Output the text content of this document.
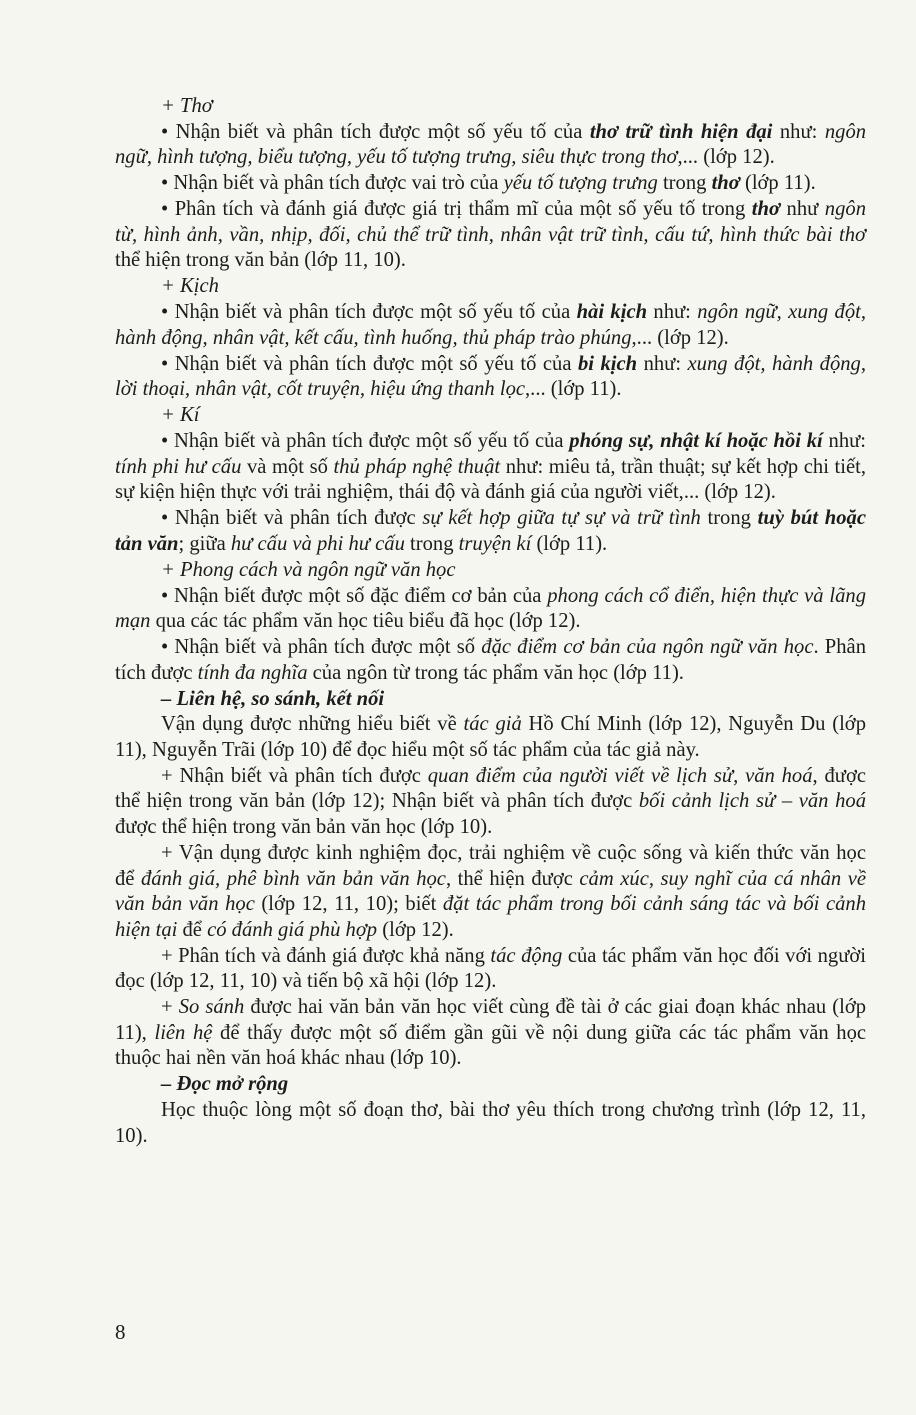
+ Thơ

• Nhận biết và phân tích được một số yếu tố của thơ trữ tình hiện đại như: ngôn ngữ, hình tượng, biểu tượng, yếu tố tượng trưng, siêu thực trong thơ,... (lớp 12).

• Nhận biết và phân tích được vai trò của yếu tố tượng trưng trong thơ (lớp 11).

• Phân tích và đánh giá được giá trị thẩm mĩ của một số yếu tố trong thơ như ngôn từ, hình ảnh, vần, nhịp, đối, chủ thể trữ tình, nhân vật trữ tình, cấu tứ, hình thức bài thơ thể hiện trong văn bản (lớp 11, 10).

+ Kịch

• Nhận biết và phân tích được một số yếu tố của hài kịch như: ngôn ngữ, xung đột, hành động, nhân vật, kết cấu, tình huống, thủ pháp trào phúng,... (lớp 12).

• Nhận biết và phân tích được một số yếu tố của bi kịch như: xung đột, hành động, lời thoại, nhân vật, cốt truyện, hiệu ứng thanh lọc,... (lớp 11).

+ Kí

• Nhận biết và phân tích được một số yếu tố của phóng sự, nhật kí hoặc hồi kí như: tính phi hư cấu và một số thủ pháp nghệ thuật như: miêu tả, trần thuật; sự kết hợp chi tiết, sự kiện hiện thực với trải nghiệm, thái độ và đánh giá của người viết,... (lớp 12).

• Nhận biết và phân tích được sự kết hợp giữa tự sự và trữ tình trong tuỳ bút hoặc tản văn; giữa hư cấu và phi hư cấu trong truyện kí (lớp 11).

+ Phong cách và ngôn ngữ văn học

• Nhận biết được một số đặc điểm cơ bản của phong cách cổ điển, hiện thực và lãng mạn qua các tác phẩm văn học tiêu biểu đã học (lớp 12).

• Nhận biết và phân tích được một số đặc điểm cơ bản của ngôn ngữ văn học. Phân tích được tính đa nghĩa của ngôn từ trong tác phẩm văn học (lớp 11).

– Liên hệ, so sánh, kết nối

Vận dụng được những hiểu biết về tác giả Hồ Chí Minh (lớp 12), Nguyễn Du (lớp 11), Nguyễn Trãi (lớp 10) để đọc hiểu một số tác phẩm của tác giả này.

+ Nhận biết và phân tích được quan điểm của người viết về lịch sử, văn hoá, được thể hiện trong văn bản (lớp 12); Nhận biết và phân tích được bối cảnh lịch sử – văn hoá được thể hiện trong văn bản văn học (lớp 10).

+ Vận dụng được kinh nghiệm đọc, trải nghiệm về cuộc sống và kiến thức văn học để đánh giá, phê bình văn bản văn học, thể hiện được cảm xúc, suy nghĩ của cá nhân về văn bản văn học (lớp 12, 11, 10); biết đặt tác phẩm trong bối cảnh sáng tác và bối cảnh hiện tại để có đánh giá phù hợp (lớp 12).

+ Phân tích và đánh giá được khả năng tác động của tác phẩm văn học đối với người đọc (lớp 12, 11, 10) và tiến bộ xã hội (lớp 12).

+ So sánh được hai văn bản văn học viết cùng đề tài ở các giai đoạn khác nhau (lớp 11), liên hệ để thấy được một số điểm gần gũi về nội dung giữa các tác phẩm văn học thuộc hai nền văn hoá khác nhau (lớp 10).

– Đọc mở rộng

Học thuộc lòng một số đoạn thơ, bài thơ yêu thích trong chương trình (lớp 12, 11, 10).

8
